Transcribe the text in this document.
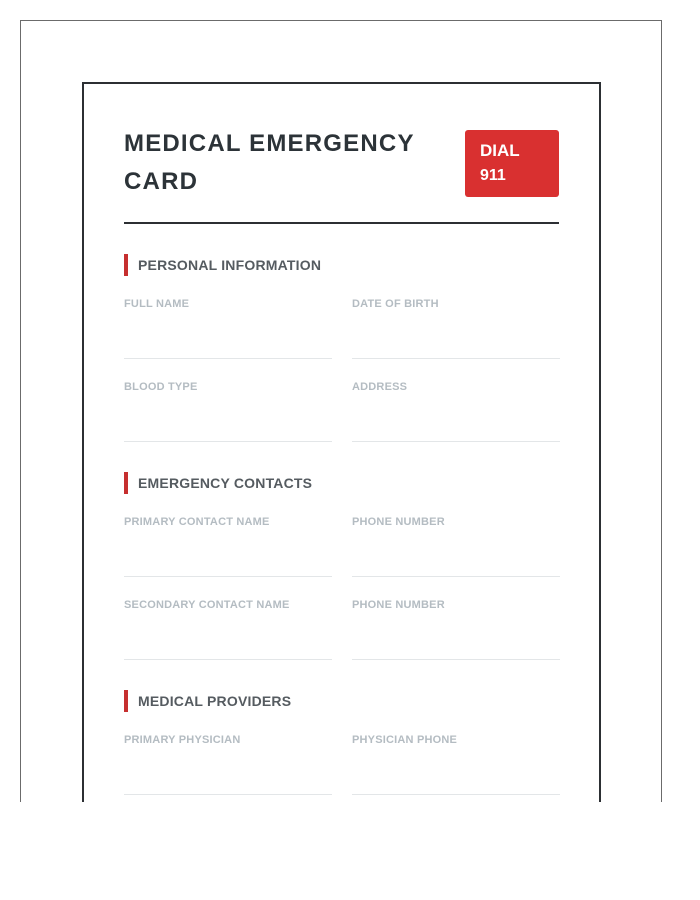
MEDICAL EMERGENCY CARD
DIAL
911
PERSONAL INFORMATION
FULL NAME	DATE OF BIRTH
BLOOD TYPE	ADDRESS
EMERGENCY CONTACTS
PRIMARY CONTACT NAME	PHONE NUMBER
SECONDARY CONTACT NAME	PHONE NUMBER
MEDICAL PROVIDERS
PRIMARY PHYSICIAN	PHYSICIAN PHONE
